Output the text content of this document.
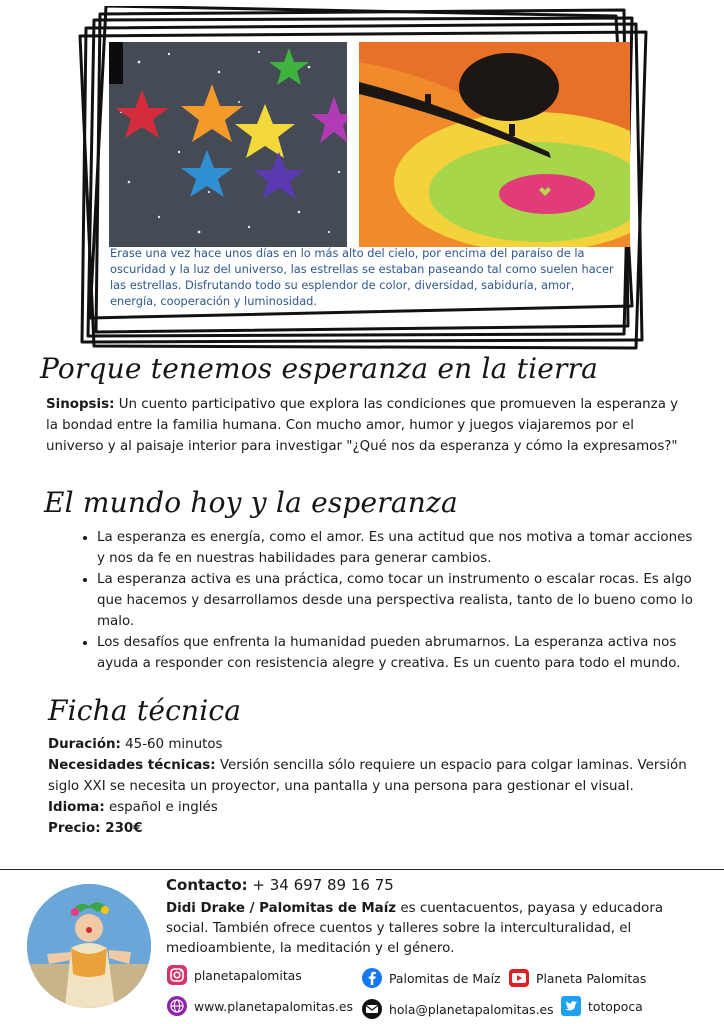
Erase una vez hace unos días en lo más alto del cielo, por encima del paraíso de la oscuridad y la luz del universo, las estrellas se estaban paseando tal como suelen hacer las estrellas. Disfrutando todo su esplendor de color, diversidad, sabiduría, amor, energía, cooperación y luminosidad.
Porque tenemos esperanza en la tierra
Sinopsis: Un cuento participativo que explora las condiciones que promueven la esperanza y la bondad entre la familia humana. Con mucho amor, humor y juegos viajaremos por el universo y al paisaje interior para investigar "¿Qué nos da esperanza y cómo la expresamos?"
El mundo hoy y la esperanza
• La esperanza es energía, como el amor. Es una actitud que nos motiva a tomar acciones y nos da fe en nuestras habilidades para generar cambios.
• La esperanza activa es una práctica, como tocar un instrumento o escalar rocas. Es algo que hacemos y desarrollamos desde una perspectiva realista, tanto de lo bueno como lo malo.
• Los desafíos que enfrenta la humanidad pueden abrumarnos. La esperanza activa nos ayuda a responder con resistencia alegre y creativa. Es un cuento para todo el mundo.
Ficha técnica
Duración: 45-60 minutos
Necesidades técnicas: Versión sencilla sólo requiere un espacio para colgar laminas. Versión siglo XXI se necesita un proyector, una pantalla y una persona para gestionar el visual.
Idioma: español e inglés
Precio: 230€
Contacto: + 34 697 89 16 75
Didi Drake / Palomitas de Maíz es cuentacuentos, payasa y educadora social. También ofrece cuentos y talleres sobre la interculturalidad, el medioambiente, la meditación y el género.
planetapalomitas	Palomitas de Maíz	Planeta Palomitas
www.planetapalomitas.es	hola@planetapalomitas.es	totopoca
